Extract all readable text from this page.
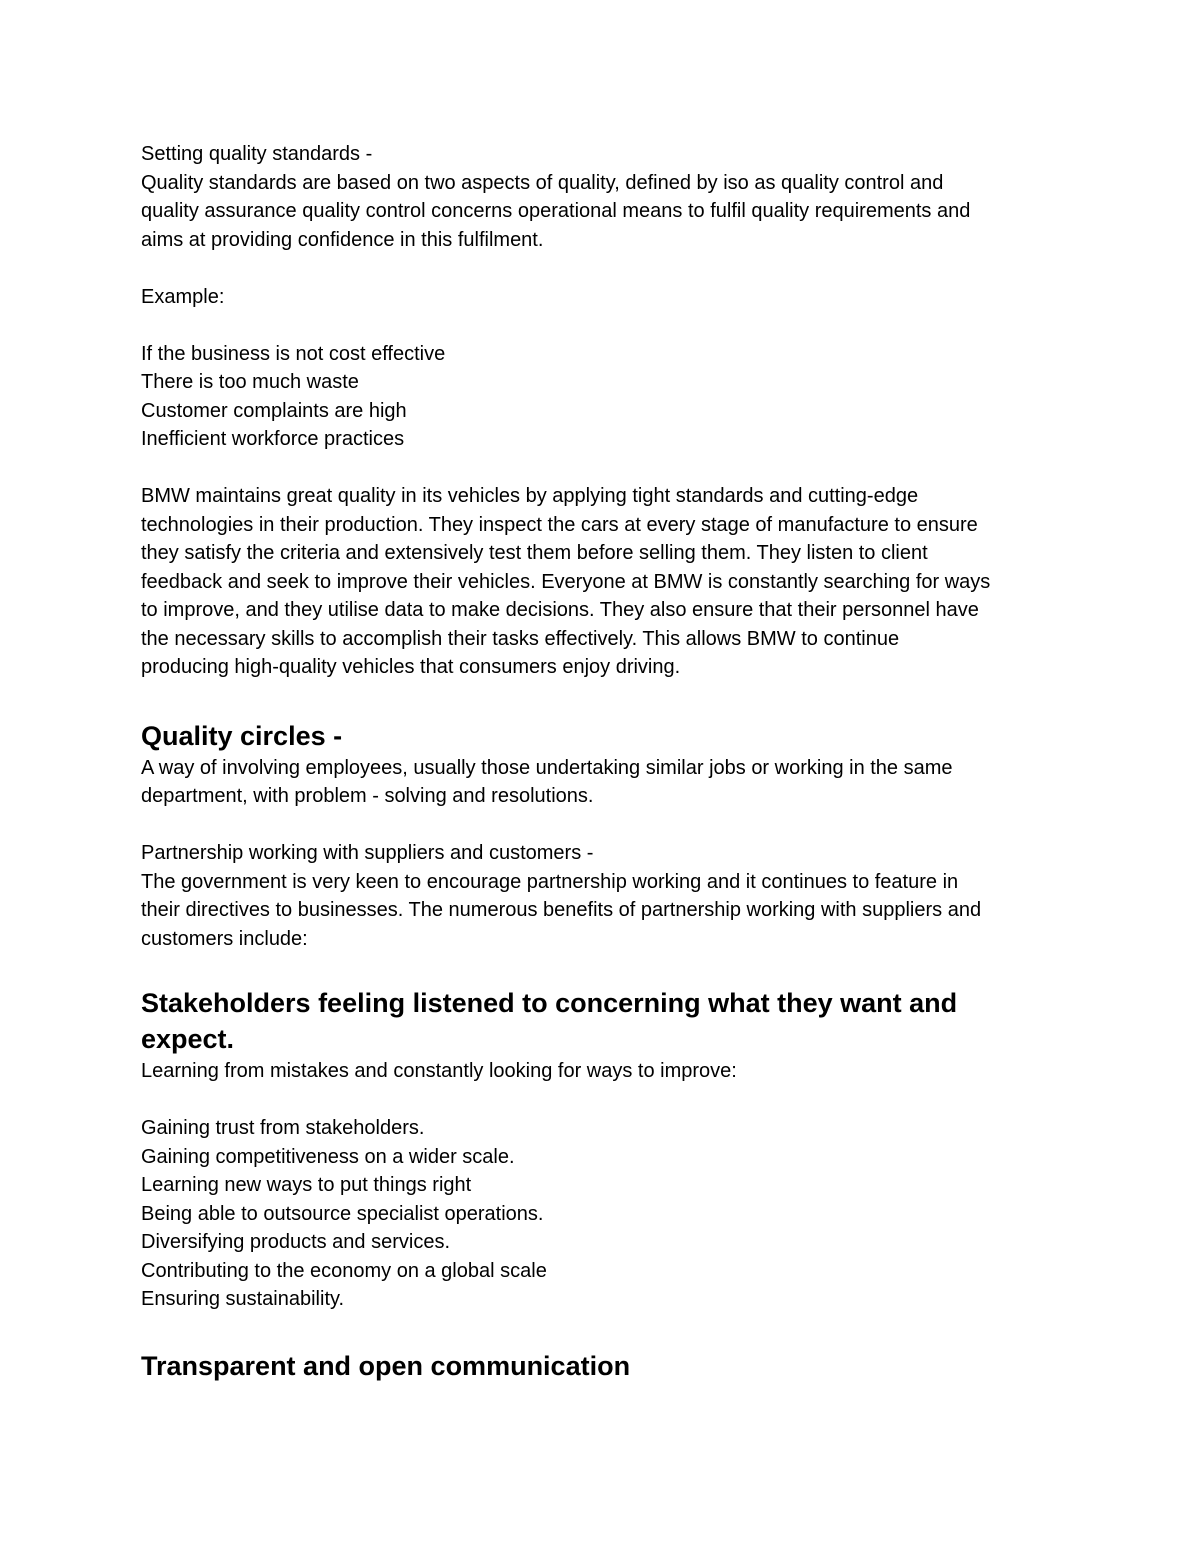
Setting quality standards -

Quality standards are based on two aspects of quality, defined by iso as quality control and

quality assurance quality control concerns operational means to fulfil quality requirements and

aims at providing confidence in this fulfilment.

Example:

If the business is not cost effective

There is too much waste

Customer complaints are high

Inefficient workforce practices

BMW maintains great quality in its vehicles by applying tight standards and cutting-edge

technologies in their production. They inspect the cars at every stage of manufacture to ensure

they satisfy the criteria and extensively test them before selling them. They listen to client

feedback and seek to improve their vehicles. Everyone at BMW is constantly searching for ways

to improve, and they utilise data to make decisions. They also ensure that their personnel have

the necessary skills to accomplish their tasks effectively. This allows BMW to continue

producing high-quality vehicles that consumers enjoy driving.

Quality circles -

A way of involving employees, usually those undertaking similar jobs or working in the same

department, with problem - solving and resolutions.

Partnership working with suppliers and customers -

The government is very keen to encourage partnership working and it continues to feature in

their directives to businesses. The numerous benefits of partnership working with suppliers and

customers include:

Stakeholders feeling listened to concerning what they want and

expect.

Learning from mistakes and constantly looking for ways to improve:

Gaining trust from stakeholders.

Gaining competitiveness on a wider scale.

Learning new ways to put things right

Being able to outsource specialist operations.

Diversifying products and services.

Contributing to the economy on a global scale

Ensuring sustainability.

Transparent and open communication
